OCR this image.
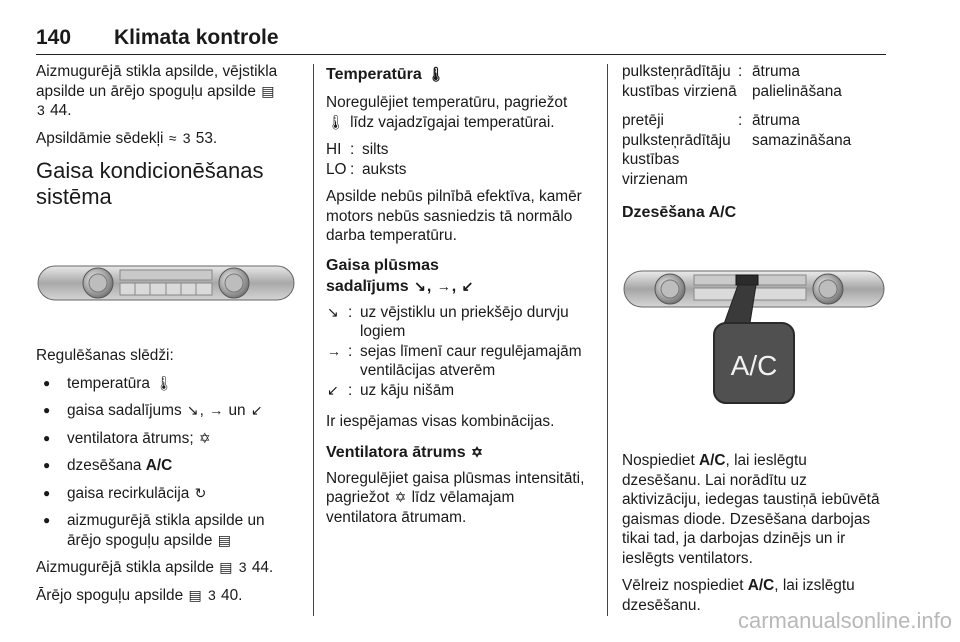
140 Klimata kontrole

Aizmugurējā stikla apsilde, vējstikla apsilde un ārējo spoguļu apsilde ▤
3 44.

Apsildāmie sēdekļi ≈ 3 53.

Gaisa kondicionēšanas sistēma

Regulēšanas slēdži:

● temperatūra 🌡
● gaisa sadalījums ↘, → un ↙
● ventilatora ātrums; ✡
● dzesēšana A/C
● gaisa recirkulācija ↻
● aizmugurējā stikla apsilde un ārējo spoguļu apsilde ▤

Aizmugurējā stikla apsilde ▤ 3 44.

Ārējo spoguļu apsilde ▤ 3 40.

Temperatūra 🌡

Noregulējiet temperatūru, pagriežot 🌡 līdz vajadzīgajai temperatūrai.

HI : silts
LO : auksts

Apsilde nebūs pilnībā efektīva, kamēr motors nebūs sasniedzis tā normālo darba temperatūru.

Gaisa plūsmas
sadalījums ↘, →, ↙
↘ : uz vējstiklu un priekšējo durvju logiem
→ : sejas līmenī caur regulējamajām ventilācijas atverēm
↙ : uz kāju nišām

Ir iespējamas visas kombinācijas.

Ventilatora ātrums ✡

Noregulējiet gaisa plūsmas intensitāti, pagriežot ✡ līdz vēlamajam ventilatora ātrumam.

pulksteņrādītāju kustības virzienā
: ātruma palielināšana
pretēji pulksteņrādītāju kustības virzienam
: ātruma samazināšana
Dzesēšana A/C
A/C

Nospiediet A/C, lai ieslēgtu dzesēšanu. Lai norādītu uz aktivizāciju, iedegas taustiņā iebūvētā gaismas diode. Dzesēšana darbojas tikai tad, ja darbojas dzinējs un ir ieslēgts ventilators.

Vēlreiz nospiediet A/C, lai izslēgtu dzesēšanu.

carmanualsonline.info
